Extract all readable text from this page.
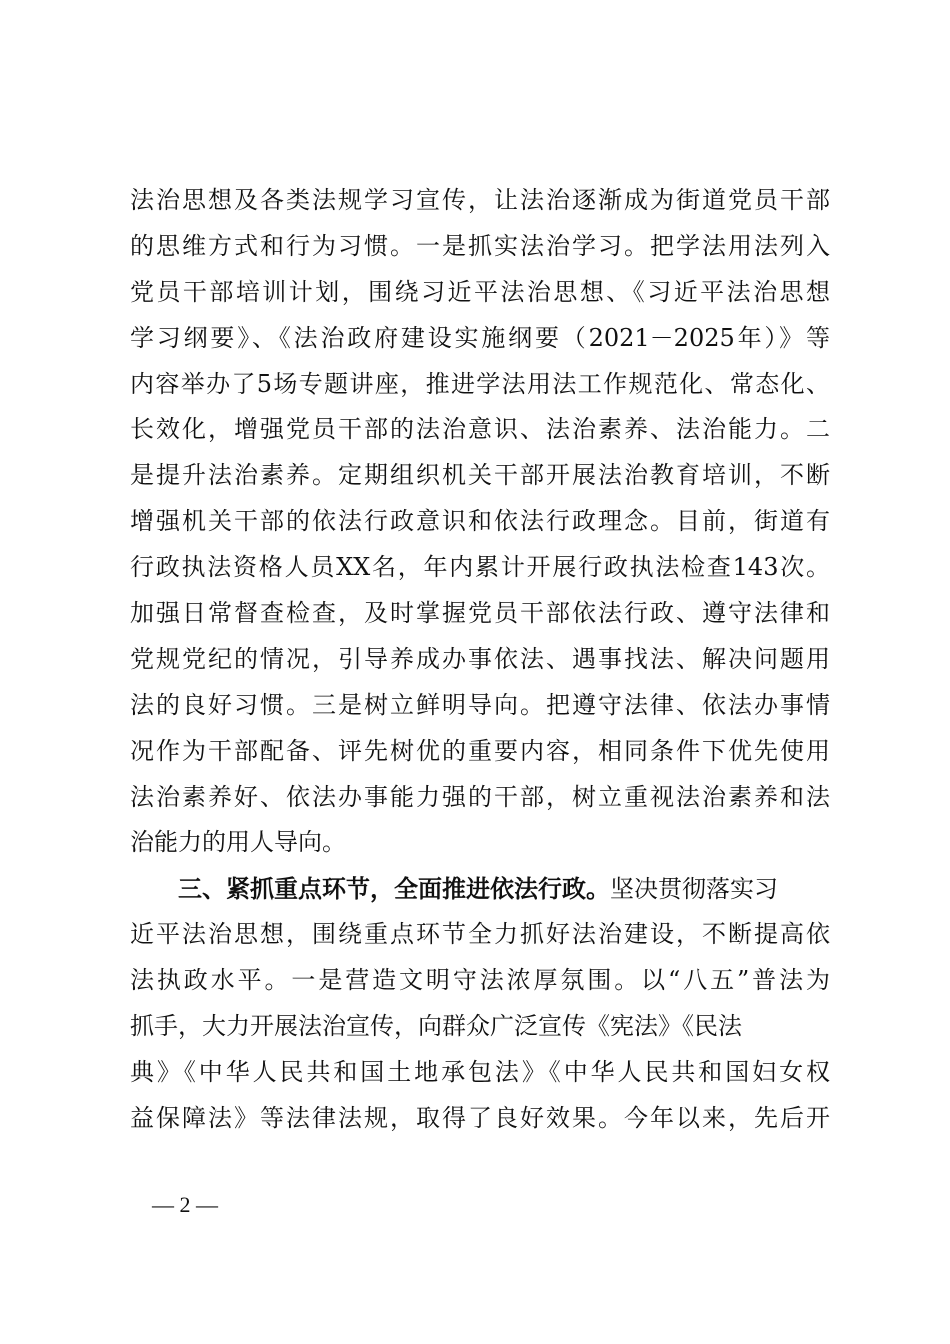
法治思想及各类法规学习宣传，让法治逐渐成为街道党员干部
的思维方式和行为习惯。一是抓实法治学习。把学法用法列入
党员干部培训计划，围绕习近平法治思想、《习近平法治思想
学习纲要》、《法治政府建设实施纲要（2021－2025年）》等
内容举办了5场专题讲座，推进学法用法工作规范化、常态化、
长效化，增强党员干部的法治意识、法治素养、法治能力。二
是提升法治素养。定期组织机关干部开展法治教育培训，不断
增强机关干部的依法行政意识和依法行政理念。目前，街道有
行政执法资格人员XX名，年内累计开展行政执法检查143次。
加强日常督查检查，及时掌握党员干部依法行政、遵守法律和
党规党纪的情况，引导养成办事依法、遇事找法、解决问题用
法的良好习惯。三是树立鲜明导向。把遵守法律、依法办事情
况作为干部配备、评先树优的重要内容，相同条件下优先使用
法治素养好、依法办事能力强的干部，树立重视法治素养和法
治能力的用人导向。
三、紧抓重点环节，全面推进依法行政。坚决贯彻落实习
近平法治思想，围绕重点环节全力抓好法治建设，不断提高依
法执政水平。一是营造文明守法浓厚氛围。以“八五”普法为
抓手，大力开展法治宣传，向群众广泛宣传《宪法》《民法
典》《中华人民共和国土地承包法》《中华人民共和国妇女权
益保障法》等法律法规，取得了良好效果。今年以来，先后开
— 2 —
